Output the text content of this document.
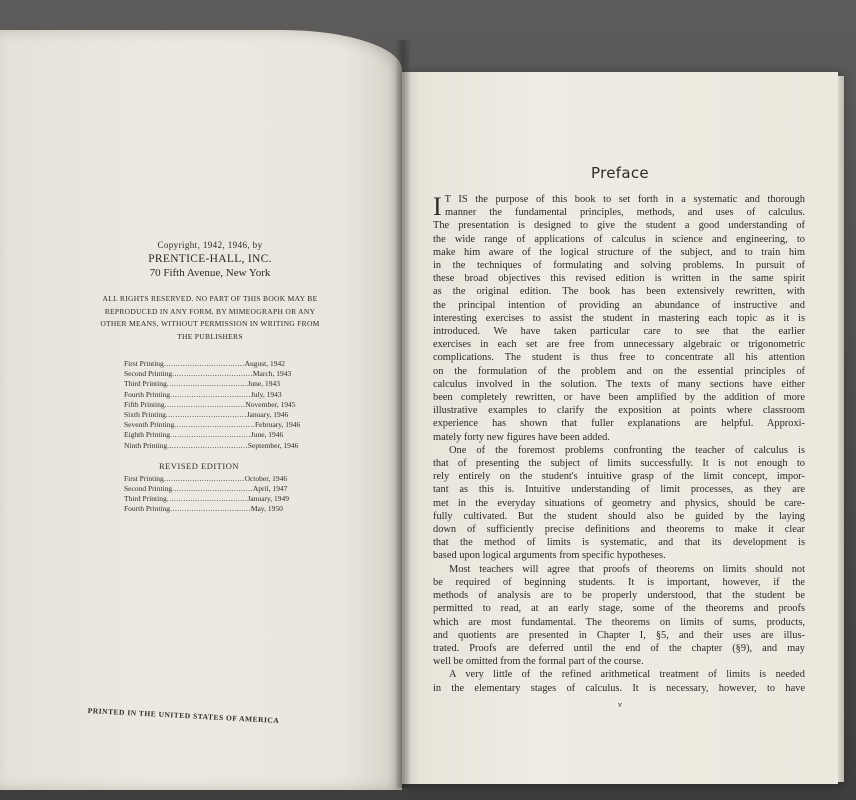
Copyright, 1942, 1946, by
PRENTICE-HALL, INC.
70 Fifth Avenue, New York
ALL RIGHTS RESERVED. NO PART OF THIS BOOK MAY BE
REPRODUCED IN ANY FORM, BY MIMEOGRAPH OR ANY
OTHER MEANS, WITHOUT PERMISSION IN WRITING FROM
THE PUBLISHERS
First Printing .................................. August, 1942
Second Printing .................................. March, 1943
Third Printing .................................. June, 1943
Fourth Printing .................................. July, 1943
Fifth Printing .................................. November, 1945
Sixth Printing .................................. January, 1946
Seventh Printing .................................. February, 1946
Eighth Printing .................................. June, 1946
Ninth Printing .................................. September, 1946
REVISED EDITION
First Printing .................................. October, 1946
Second Printing .................................. April, 1947
Third Printing .................................. January, 1949
Fourth Printing .................................. May, 1950
PRINTED IN THE UNITED STATES OF AMERICA
Preface
I T IS the purpose of this book to set forth in a systematic and thorough
manner the fundamental principles, methods, and uses of calculus.
The presentation is designed to give the student a good understanding of
the wide range of applications of calculus in science and engineering, to
make him aware of the logical structure of the subject, and to train him
in the techniques of formulating and solving problems. In pursuit of
these broad objectives this revised edition is written in the same spirit
as the original edition. The book has been extensively rewritten, with
the principal intention of providing an abundance of instructive and
interesting exercises to assist the student in mastering each topic as it is
introduced. We have taken particular care to see that the earlier
exercises in each set are free from unnecessary algebraic or trigonometric
complications. The student is thus free to concentrate all his attention
on the formulation of the problem and on the essential principles of
calculus involved in the solution. The texts of many sections have either
been completely rewritten, or have been amplified by the addition of more
illustrative examples to clarify the exposition at points where classroom
experience has shown that fuller explanations are helpful. Approxi-
mately forty new figures have been added.
One of the foremost problems confronting the teacher of calculus is
that of presenting the subject of limits successfully. It is not enough to
rely entirely on the student's intuitive grasp of the limit concept, impor-
tant as this is. Intuitive understanding of limit processes, as they are
met in the everyday situations of geometry and physics, should be care-
fully cultivated. But the student should also be guided by the laying
down of sufficiently precise definitions and theorems to make it clear
that the method of limits is systematic, and that its development is
based upon logical arguments from specific hypotheses.
Most teachers will agree that proofs of theorems on limits should not
be required of beginning students. It is important, however, if the
methods of analysis are to be properly understood, that the student be
permitted to read, at an early stage, some of the theorems and proofs
which are most fundamental. The theorems on limits of sums, products,
and quotients are presented in Chapter I, §5, and their uses are illus-
trated. Proofs are deferred until the end of the chapter (§9), and may
well be omitted from the formal part of the course.
A very little of the refined arithmetical treatment of limits is needed
in the elementary stages of calculus. It is necessary, however, to have
v
